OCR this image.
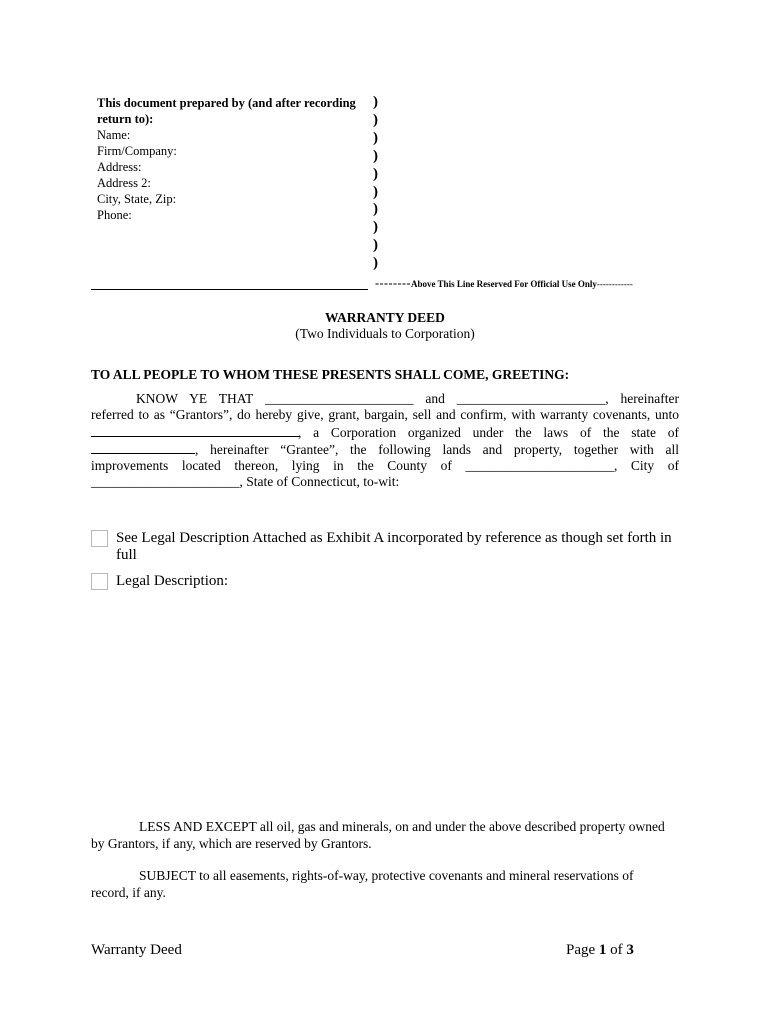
This document prepared by (and after recording return to):
Name:
Firm/Company:
Address:
Address 2:
City, State, Zip:
Phone:
)
)
)
)
)
)
)
)
)
)
--------Above This Line Reserved For Official Use Only------------
WARRANTY DEED
(Two Individuals to Corporation)
TO ALL PEOPLE TO WHOM THESE PRESENTS SHALL COME, GREETING:
KNOW YE THAT ______________________ and ______________________, hereinafter
referred to as “Grantors”, do hereby give, grant, bargain, sell and confirm, with warranty covenants, unto
, a Corporation organized under the laws of the state of
, hereinafter “Grantee”, the following lands and property, together with all
improvements located thereon, lying in the County of ______________________, City of
______________________, State of Connecticut, to-wit:
See Legal Description Attached as Exhibit A incorporated by reference as though set forth in full
Legal Description:
LESS AND EXCEPT all oil, gas and minerals, on and under the above described property owned
by Grantors, if any, which are reserved by Grantors.
SUBJECT to all easements, rights-of-way, protective covenants and mineral reservations of
record, if any.
Warranty Deed	Page 1 of 3
